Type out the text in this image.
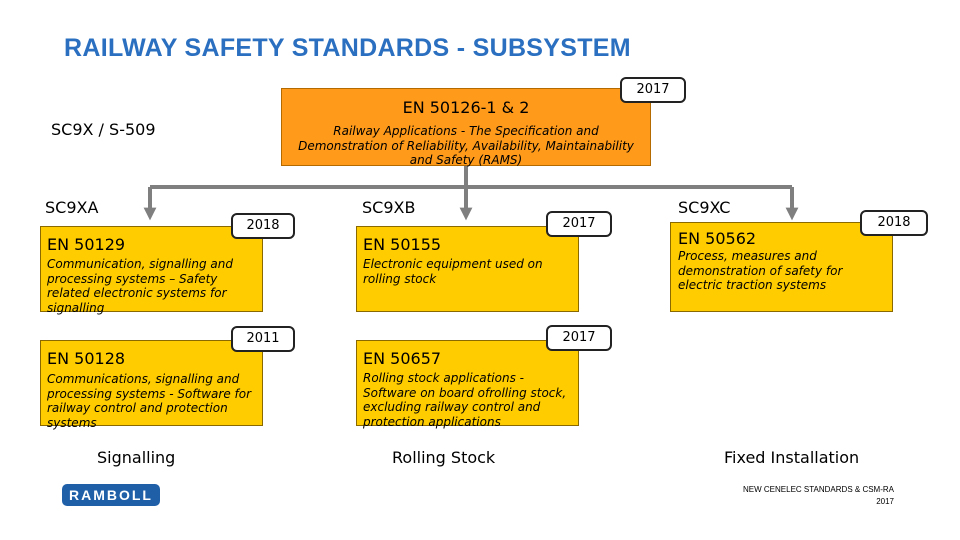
RAILWAY SAFETY STANDARDS - SUBSYSTEM
EN 50126-1 & 2
Railway Applications - The Specification and Demonstration of Reliability, Availability, Maintainability and Safety (RAMS)
2017
SC9X / S-509
SC9XA	SC9XB	SC9XC
EN 50129
Communication, signalling and processing systems – Safety related electronic systems for signalling
2018
EN 50128
Communications, signalling and processing systems - Software for railway control and protection systems
2011
EN 50155
Electronic equipment used on rolling stock
2017
EN 50657
Rolling stock applications - Software on board ofrolling stock, excluding railway control and protection applications
2017
EN 50562
Process, measures and demonstration of safety for electric traction systems
2018
Signalling	Rolling Stock	Fixed Installation
RAMBOLL	NEW CENELEC STANDARDS & CSM-RA
2017
